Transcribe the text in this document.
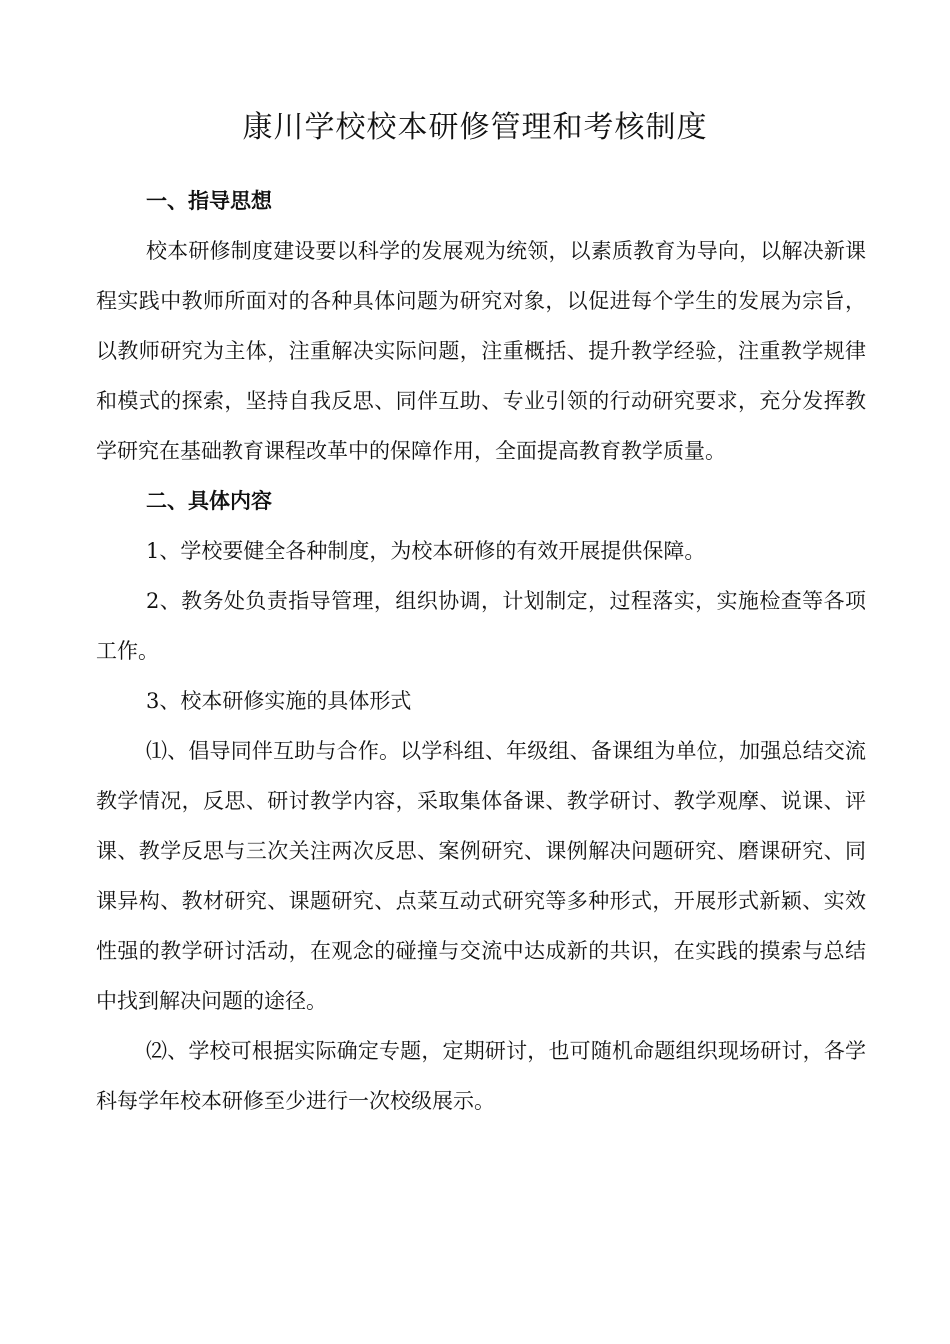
康川学校校本研修管理和考核制度
一、指导思想

校本研修制度建设要以科学的发展观为统领，以素质教育为导向，以解决新课程实践中教师所面对的各种具体问题为研究对象，以促进每个学生的发展为宗旨，以教师研究为主体，注重解决实际问题，注重概括、提升教学经验，注重教学规律和模式的探索，坚持自我反思、同伴互助、专业引领的行动研究要求，充分发挥教学研究在基础教育课程改革中的保障作用，全面提高教育教学质量。

二、具体内容

1、学校要健全各种制度，为校本研修的有效开展提供保障。

2、教务处负责指导管理，组织协调，计划制定，过程落实，实施检查等各项工作。

3、校本研修实施的具体形式

⑴、倡导同伴互助与合作。以学科组、年级组、备课组为单位，加强总结交流教学情况，反思、研讨教学内容，采取集体备课、教学研讨、教学观摩、说课、评课、教学反思与三次关注两次反思、案例研究、课例解决问题研究、磨课研究、同课异构、教材研究、课题研究、点菜互动式研究等多种形式，开展形式新颖、实效性强的教学研讨活动，在观念的碰撞与交流中达成新的共识，在实践的摸索与总结中找到解决问题的途径。

⑵、学校可根据实际确定专题，定期研讨，也可随机命题组织现场研讨，各学科每学年校本研修至少进行一次校级展示。
